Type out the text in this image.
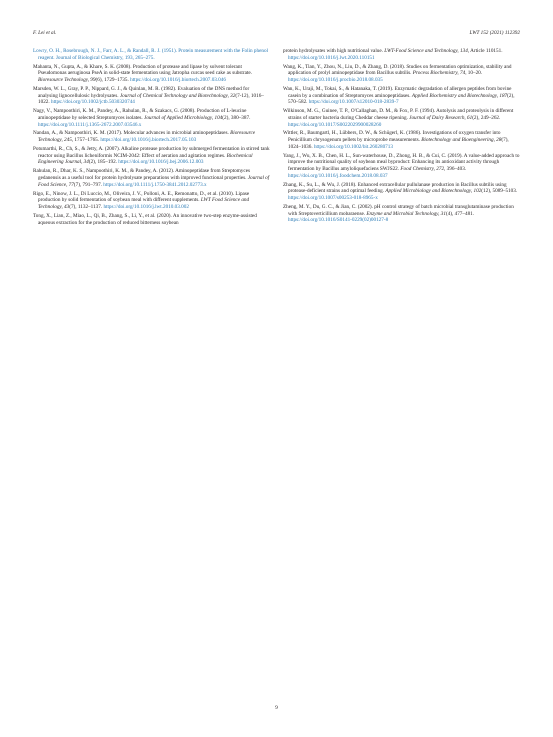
F. Lei et al.	LWT 152 (2021) 112392

Lowry, O. H., Rosebrough, N. J., Farr, A. L., & Randall, R. J. (1951). Protein measurement with the Folin phenol reagent. Journal of Biological Chemistry, 193, 265–275.

Mahanta, N., Gupta, A., & Khare, S. K. (2008). Production of protease and lipase by solvent tolerant Pseudomonas aeruginosa PseA in solid-state fermentation using Jatropha curcas seed cake as substrate. Bioresource Technology, 99(6), 1729–1735. https://doi.org/10.1016/j.biortech.2007.03.046

Marsden, W. L., Gray, P. P., Nippard, G. J., & Quinlan, M. R. (1982). Evaluation of the DNS method for analysing lignocellulosic hydrolysates. Journal of Chemical Technology and Biotechnology, 32(7-12), 1016–1022. https://doi.org/10.1002/jctb.5030320744

Nagy, V., Nampoothiri, K. M., Pandey, A., Rahulan, R., & Szakacs, G. (2008). Production of L-leucine aminopeptidase by selected Streptomyces isolates. Journal of Applied Microbiology, 104(2), 380–387. https://doi.org/10.1111/j.1365-2672.2007.03546.x

Nandan, A., & Nampoothiri, K. M. (2017). Molecular advances in microbial aminopeptidases. Bioresource Technology, 245, 1757–1765. https://doi.org/10.1016/j.biortech.2017.05.103

Potumarthi, R., Ch, S., & Jetty, A. (2007). Alkaline protease production by submerged fermentation in stirred tank reactor using Bacillus licheniformis NCIM-2042: Effect of aeration and agitation regimes. Biochemical Engineering Journal, 34(2), 185–192. https://doi.org/10.1016/j.bej.2006.12.003

Rahulan, R., Dhar, K. S., Nampoothiri, K. M., & Pandey, A. (2012). Aminopeptidase from Streptomyces gedanensis as a useful tool for protein hydrolysate preparations with improved functional properties. Journal of Food Science, 77(7), 791–797. https://doi.org/10.1111/j.1750-3841.2012.02773.x

Rigo, E., Ninow, J. L., Di Luccio, M., Oliveira, J. V., Polloni, A. E., Remonatto, D., et al. (2010). Lipase production by solid fermentation of soybean meal with different supplements. LWT Food Science and Technology, 43(7), 1132–1137. https://doi.org/10.1016/j.lwt.2010.03.002

Tong, X., Lian, Z., Miao, L., Qi, B., Zhang, S., Li, Y., et al. (2020). An innovative two-step enzyme-assisted aqueous extraction for the production of reduced bitterness soybean

protein hydrolysates with high nutritional value. LWT-Food Science and Technology, 134, Article 110151. https://doi.org/10.1016/j.lwt.2020.110151

Wang, K., Tian, Y., Zhou, N., Liu, D., & Zhang, D. (2018). Studies on fermentation optimization, stability and application of prolyl aminopeptidase from Bacillus subtilis. Process Biochemistry, 74, 10–20. https://doi.org/10.1016/j.procbio.2018.08.035

Wan, K., Uraji, M., Tokai, S., & Hatanaka, T. (2019). Enzymatic degradation of allergen peptides from bovine casein by a combination of Streptomyces aminopeptidases. Applied Biochemistry and Biotechnology, 187(2), 570–582. https://doi.org/10.1007/s12010-018-2839-7

Wilkinson, M. G., Guinee, T. P., O'Callaghan, D. M., & Fox, P. F. (1994). Autolysis and proteolysis in different strains of starter bacteria during Cheddar cheese ripening. Journal of Dairy Research, 61(2), 249–262. https://doi.org/10.1017/S0022029900028260

Wittler, R., Baumgartl, H., Lübbers, D. W., & Schügerl, K. (1986). Investigations of oxygen transfer into Penicillium chrysogenum pellets by microprobe measurements. Biotechnology and Bioengineering, 28(7), 1024–1036. https://doi.org/10.1002/bit.260280713

Yang, J., Wu, X. B., Chen, H. L., Sun-waterhouse, D., Zhong, H. B., & Cui, C. (2019). A value-added approach to improve the nutritional quality of soybean meal byproduct: Enhancing its antioxidant activity through fermentation by Bacillus amyloliquefaciens SWJS22. Food Chemistry, 272, 396–403. https://doi.org/10.1016/j.foodchem.2018.08.037

Zhang, K., Su, L., & Wu, J. (2018). Enhanced extracellular pullulanase production in Bacillus subtilis using protease-deficient strains and optimal feeding. Applied Microbiology and Biotechnology, 102(12), 5089–5103. https://doi.org/10.1007/s00253-018-8965-x

Zheng, M. Y., Du, G. C., & Jian, C. (2002). pH control strategy of batch microbial transglutaminase production with Streptoverticillium mobaraense. Enzyme and Microbial Technology, 31(4), 477–481. https://doi.org/10.1016/S0141-0229(02)00127-8

9
